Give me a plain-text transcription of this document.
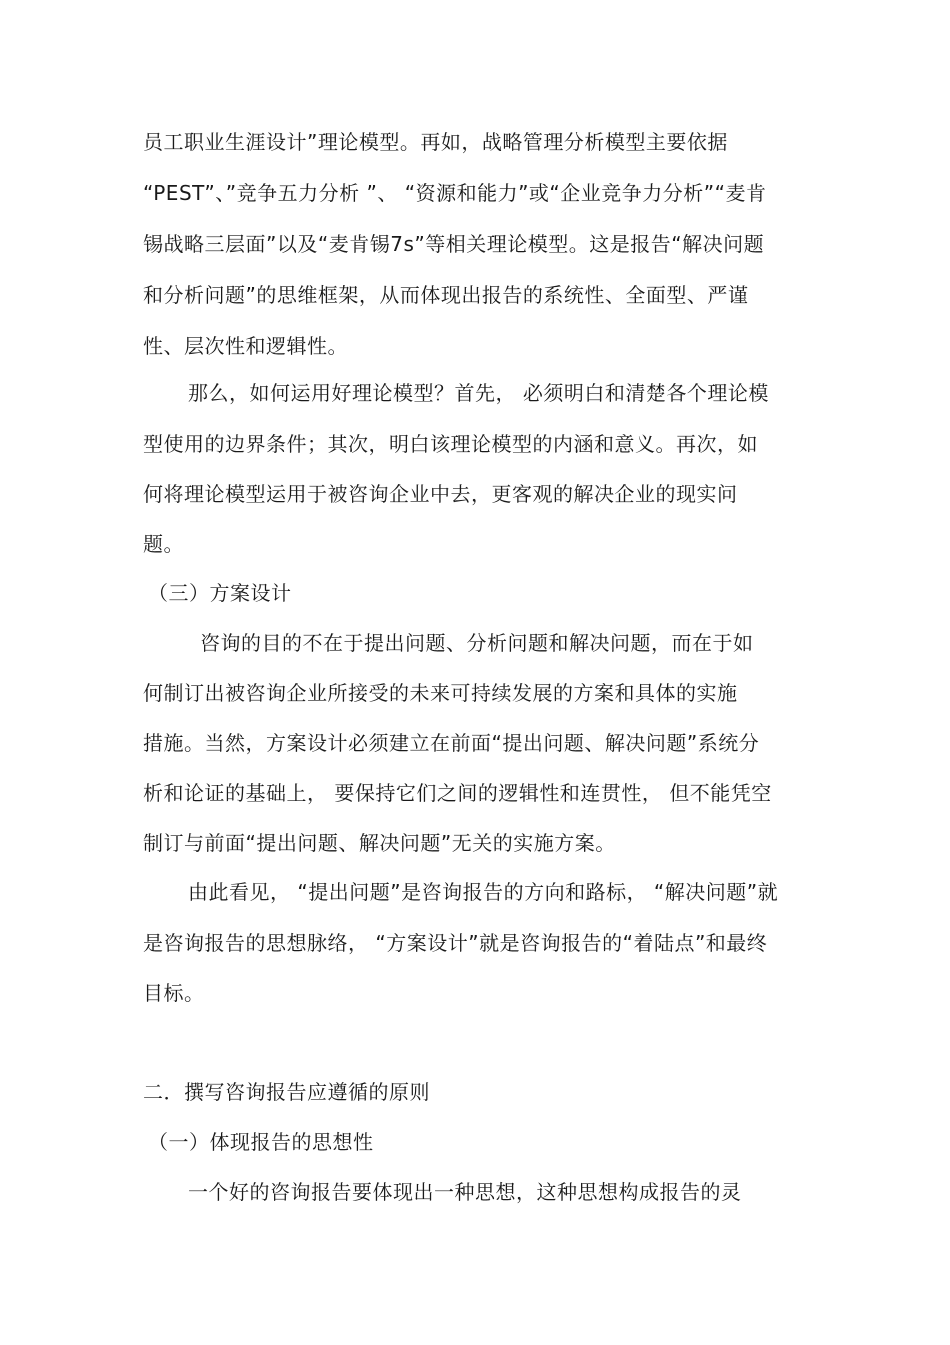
员工职业生涯设计”理论模型。再如，战略管理分析模型主要依据
“PEST”、”竞争五力分析 ”、 “资源和能力”或“企业竞争力分析”“麦肯
锡战略三层面”以及“麦肯锡7s”等相关理论模型。这是报告“解决问题
和分析问题”的思维框架，从而体现出报告的系统性、全面型、严谨
性、层次性和逻辑性。
那么，如何运用好理论模型？首先， 必须明白和清楚各个理论模
型使用的边界条件；其次，明白该理论模型的内涵和意义。再次，如
何将理论模型运用于被咨询企业中去，更客观的解决企业的现实问
题。
（三）方案设计
咨询的目的不在于提出问题、分析问题和解决问题，而在于如
何制订出被咨询企业所接受的未来可持续发展的方案和具体的实施
措施。当然，方案设计必须建立在前面“提出问题、解决问题”系统分
析和论证的基础上， 要保持它们之间的逻辑性和连贯性， 但不能凭空
制订与前面“提出问题、解决问题”无关的实施方案。
由此看见， “提出问题”是咨询报告的方向和路标， “解决问题”就
是咨询报告的思想脉络， “方案设计”就是咨询报告的“着陆点”和最终
目标。
二．撰写咨询报告应遵循的原则
（一）体现报告的思想性
一个好的咨询报告要体现出一种思想，这种思想构成报告的灵
